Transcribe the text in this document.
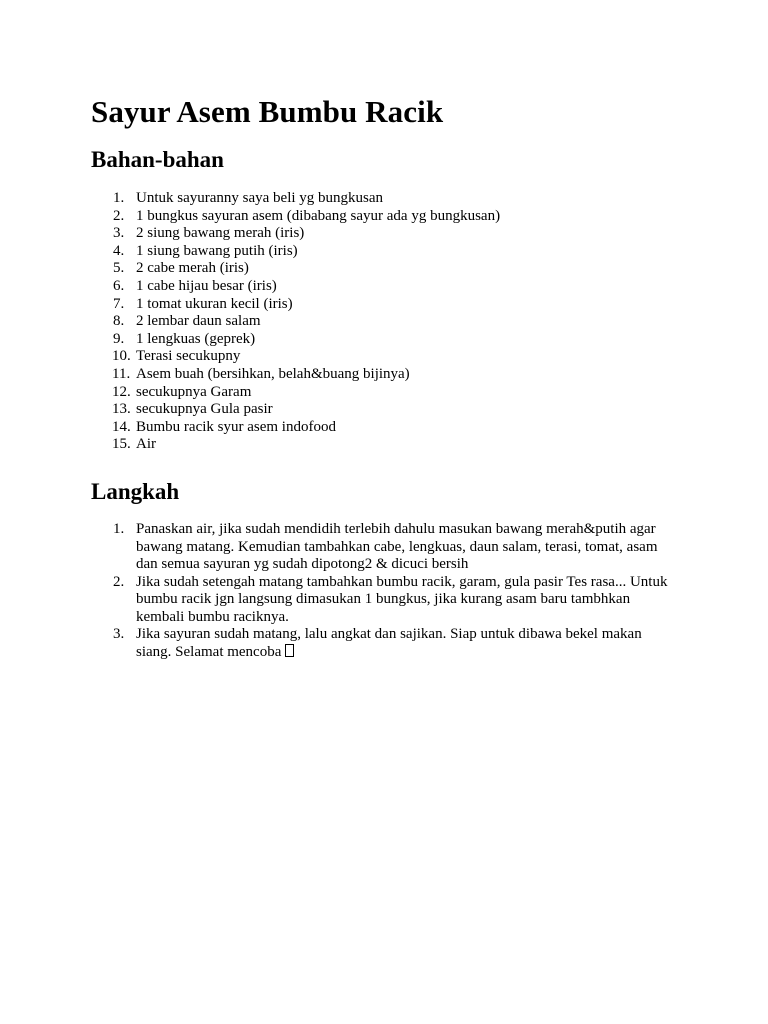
Sayur Asem Bumbu Racik
Bahan-bahan
1. Untuk sayuranny saya beli yg bungkusan
2. 1 bungkus sayuran asem (dibabang sayur ada yg bungkusan)
3. 2 siung bawang merah (iris)
4. 1 siung bawang putih (iris)
5. 2 cabe merah (iris)
6. 1 cabe hijau besar (iris)
7. 1 tomat ukuran kecil (iris)
8. 2 lembar daun salam
9. 1 lengkuas (geprek)
10. Terasi secukupny
11. Asem buah (bersihkan, belah&buang bijinya)
12. secukupnya Garam
13. secukupnya Gula pasir
14. Bumbu racik syur asem indofood
15. Air
Langkah
1. Panaskan air, jika sudah mendidih terlebih dahulu masukan bawang merah&putih agar
bawang matang. Kemudian tambahkan cabe, lengkuas, daun salam, terasi, tomat, asam
dan semua sayuran yg sudah dipotong2 & dicuci bersih
2. Jika sudah setengah matang tambahkan bumbu racik, garam, gula pasir Tes rasa... Untuk
bumbu racik jgn langsung dimasukan 1 bungkus, jika kurang asam baru tambhkan
kembali bumbu raciknya.
3. Jika sayuran sudah matang, lalu angkat dan sajikan. Siap untuk dibawa bekel makan
siang. Selamat mencoba
